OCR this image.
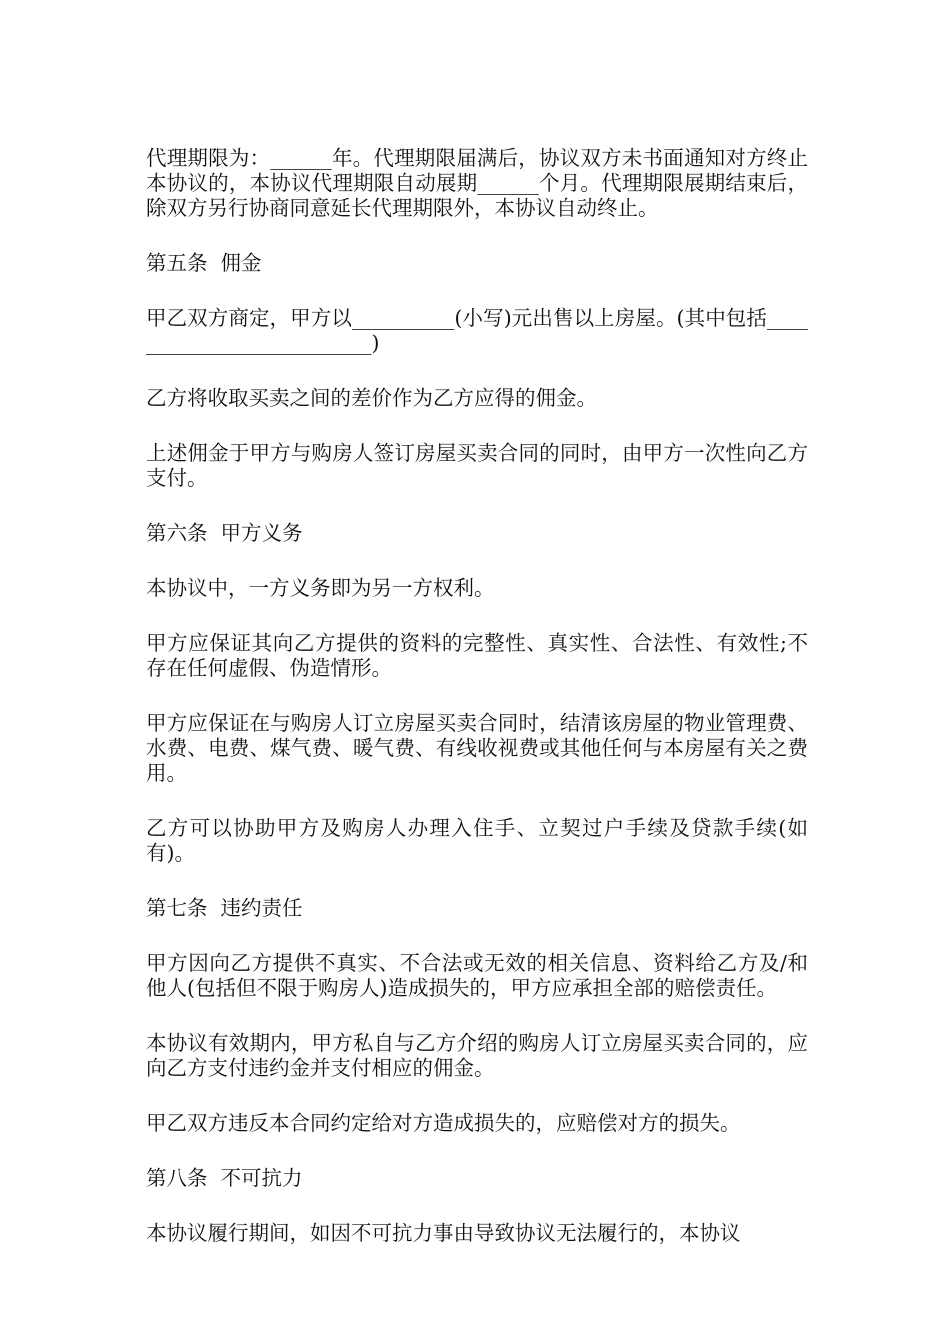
代理期限为：______年。代理期限届满后，协议双方未书面通知对方终止本协议的，本协议代理期限自动展期______个月。代理期限展期结束后，除双方另行协商同意延长代理期限外，本协议自动终止。

第五条  佣金

甲乙双方商定，甲方以__________(小写)元出售以上房屋。(其中包括__________________________)

乙方将收取买卖之间的差价作为乙方应得的佣金。

上述佣金于甲方与购房人签订房屋买卖合同的同时，由甲方一次性向乙方支付。

第六条  甲方义务

本协议中，一方义务即为另一方权利。

甲方应保证其向乙方提供的资料的完整性、真实性、合法性、有效性;不存在任何虚假、伪造情形。

甲方应保证在与购房人订立房屋买卖合同时，结清该房屋的物业管理费、水费、电费、煤气费、暖气费、有线收视费或其他任何与本房屋有关之费用。

乙方可以协助甲方及购房人办理入住手、立契过户手续及贷款手续(如有)。

第七条  违约责任

甲方因向乙方提供不真实、不合法或无效的相关信息、资料给乙方及/和他人(包括但不限于购房人)造成损失的，甲方应承担全部的赔偿责任。

本协议有效期内，甲方私自与乙方介绍的购房人订立房屋买卖合同的，应向乙方支付违约金并支付相应的佣金。

甲乙双方违反本合同约定给对方造成损失的，应赔偿对方的损失。

第八条  不可抗力

本协议履行期间，如因不可抗力事由导致协议无法履行的，本协议
